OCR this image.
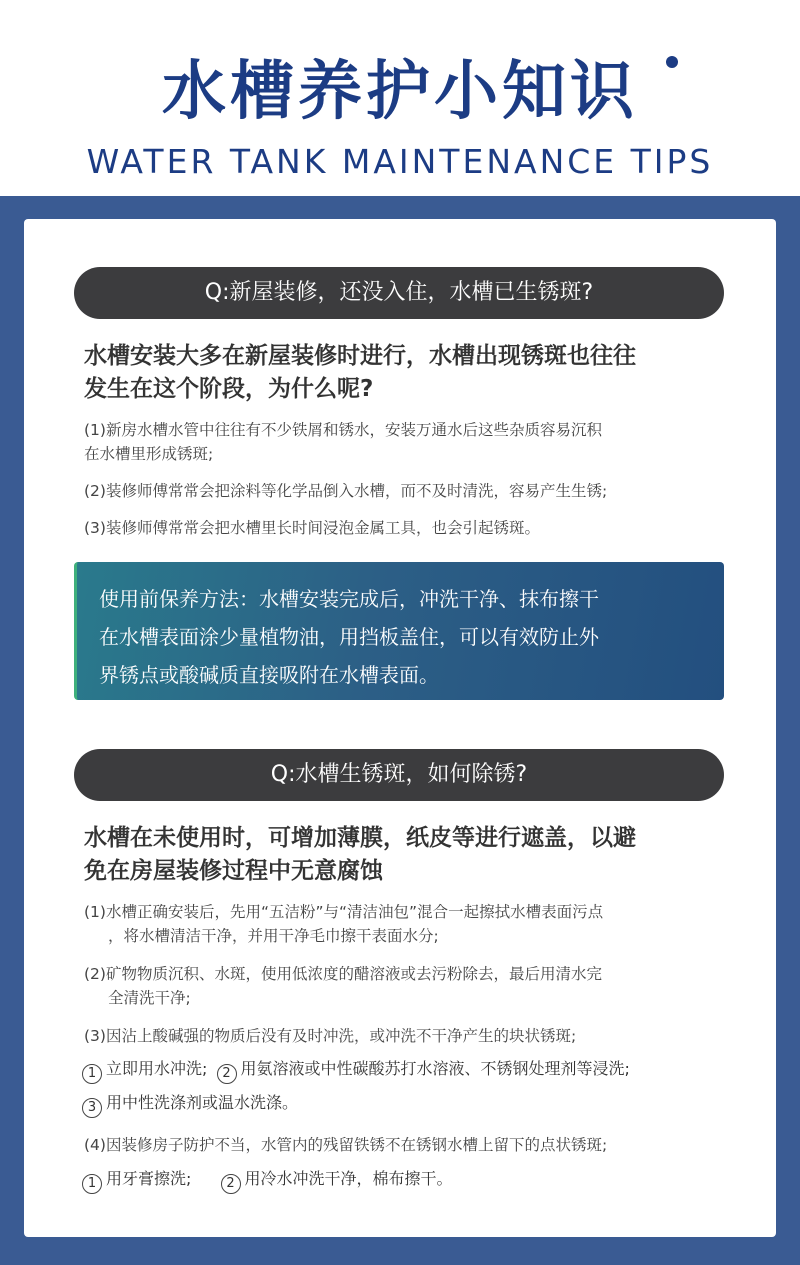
水槽养护小知识
WATER TANK MAINTENANCE TIPS
Q:新屋装修，还没入住，水槽已生锈斑?
水槽安装大多在新屋装修时进行，水槽出现锈斑也往往
发生在这个阶段，为什么呢?
(1)新房水槽水管中往往有不少铁屑和锈水，安装万通水后这些杂质容易沉积
在水槽里形成锈斑;
(2)装修师傅常常会把涂料等化学品倒入水槽，而不及时清洗，容易产生生锈;
(3)装修师傅常常会把水槽里长时间浸泡金属工具，也会引起锈斑。
使用前保养方法：水槽安装完成后，冲洗干净、抹布擦干
在水槽表面涂少量植物油，用挡板盖住，可以有效防止外
界锈点或酸碱质直接吸附在水槽表面。
Q:水槽生锈斑，如何除锈?
水槽在未使用时，可增加薄膜，纸皮等进行遮盖，以避
免在房屋装修过程中无意腐蚀
(1)水槽正确安装后，先用“五洁粉”与“清洁油包”混合一起擦拭水槽表面污点
，将水槽清洁干净，并用干净毛巾擦干表面水分;
(2)矿物物质沉积、水斑，使用低浓度的醋溶液或去污粉除去，最后用清水完
全清洗干净;
(3)因沾上酸碱强的物质后没有及时冲洗，或冲洗不干净产生的块状锈斑;
1 立即用水冲洗; 2 用氨溶液或中性碳酸苏打水溶液、不锈钢处理剂等浸洗;
3 用中性洗涤剂或温水洗涤。
(4)因装修房子防护不当，水管内的残留铁锈不在锈钢水槽上留下的点状锈斑;
1 用牙膏擦洗;	2 用冷水冲洗干净，棉布擦干。
